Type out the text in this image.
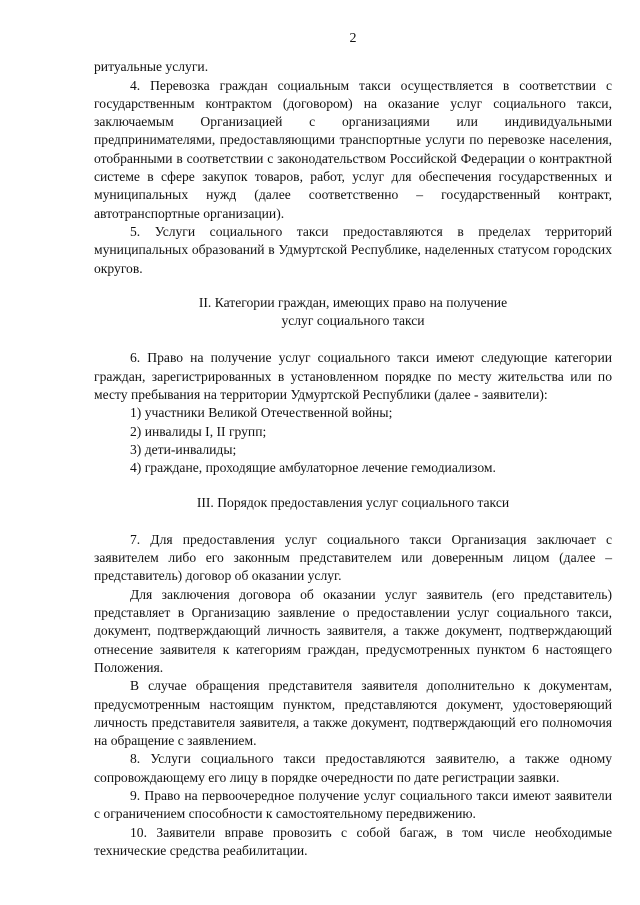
2

ритуальные услуги.

4. Перевозка граждан социальным такси осуществляется в соответствии с государственным контрактом (договором) на оказание услуг социального такси, заключаемым Организацией с организациями или индивидуальными предпринимателями, предоставляющими транспортные услуги по перевозке населения, отобранными в соответствии с законодательством Российской Федерации о контрактной системе в сфере закупок товаров, работ, услуг для обеспечения государственных и муниципальных нужд (далее соответственно – государственный контракт, автотранспортные организации).

5. Услуги социального такси предоставляются в пределах территорий муниципальных образований в Удмуртской Республике, наделенных статусом городских округов.

II. Категории граждан, имеющих право на получение
услуг социального такси

6. Право на получение услуг социального такси имеют следующие категории граждан, зарегистрированных в установленном порядке по месту жительства или по месту пребывания на территории Удмуртской Республики (далее - заявители):

1) участники Великой Отечественной войны;

2) инвалиды I, II групп;

3) дети-инвалиды;

4) граждане, проходящие амбулаторное лечение гемодиализом.

III. Порядок предоставления услуг социального такси

7. Для предоставления услуг социального такси Организация заключает с заявителем либо его законным представителем или доверенным лицом (далее – представитель) договор об оказании услуг.

Для заключения договора об оказании услуг заявитель (его представитель) представляет в Организацию заявление о предоставлении услуг социального такси, документ, подтверждающий личность заявителя, а также документ, подтверждающий отнесение заявителя к категориям граждан, предусмотренных пунктом 6 настоящего Положения.

В случае обращения представителя заявителя дополнительно к документам, предусмотренным настоящим пунктом, представляются документ, удостоверяющий личность представителя заявителя, а также документ, подтверждающий его полномочия на обращение с заявлением.

8. Услуги социального такси предоставляются заявителю, а также одному сопровождающему его лицу в порядке очередности по дате регистрации заявки.

9. Право на первоочередное получение услуг социального такси имеют заявители с ограничением способности к самостоятельному передвижению.

10. Заявители вправе провозить с собой багаж, в том числе необходимые технические средства реабилитации.
